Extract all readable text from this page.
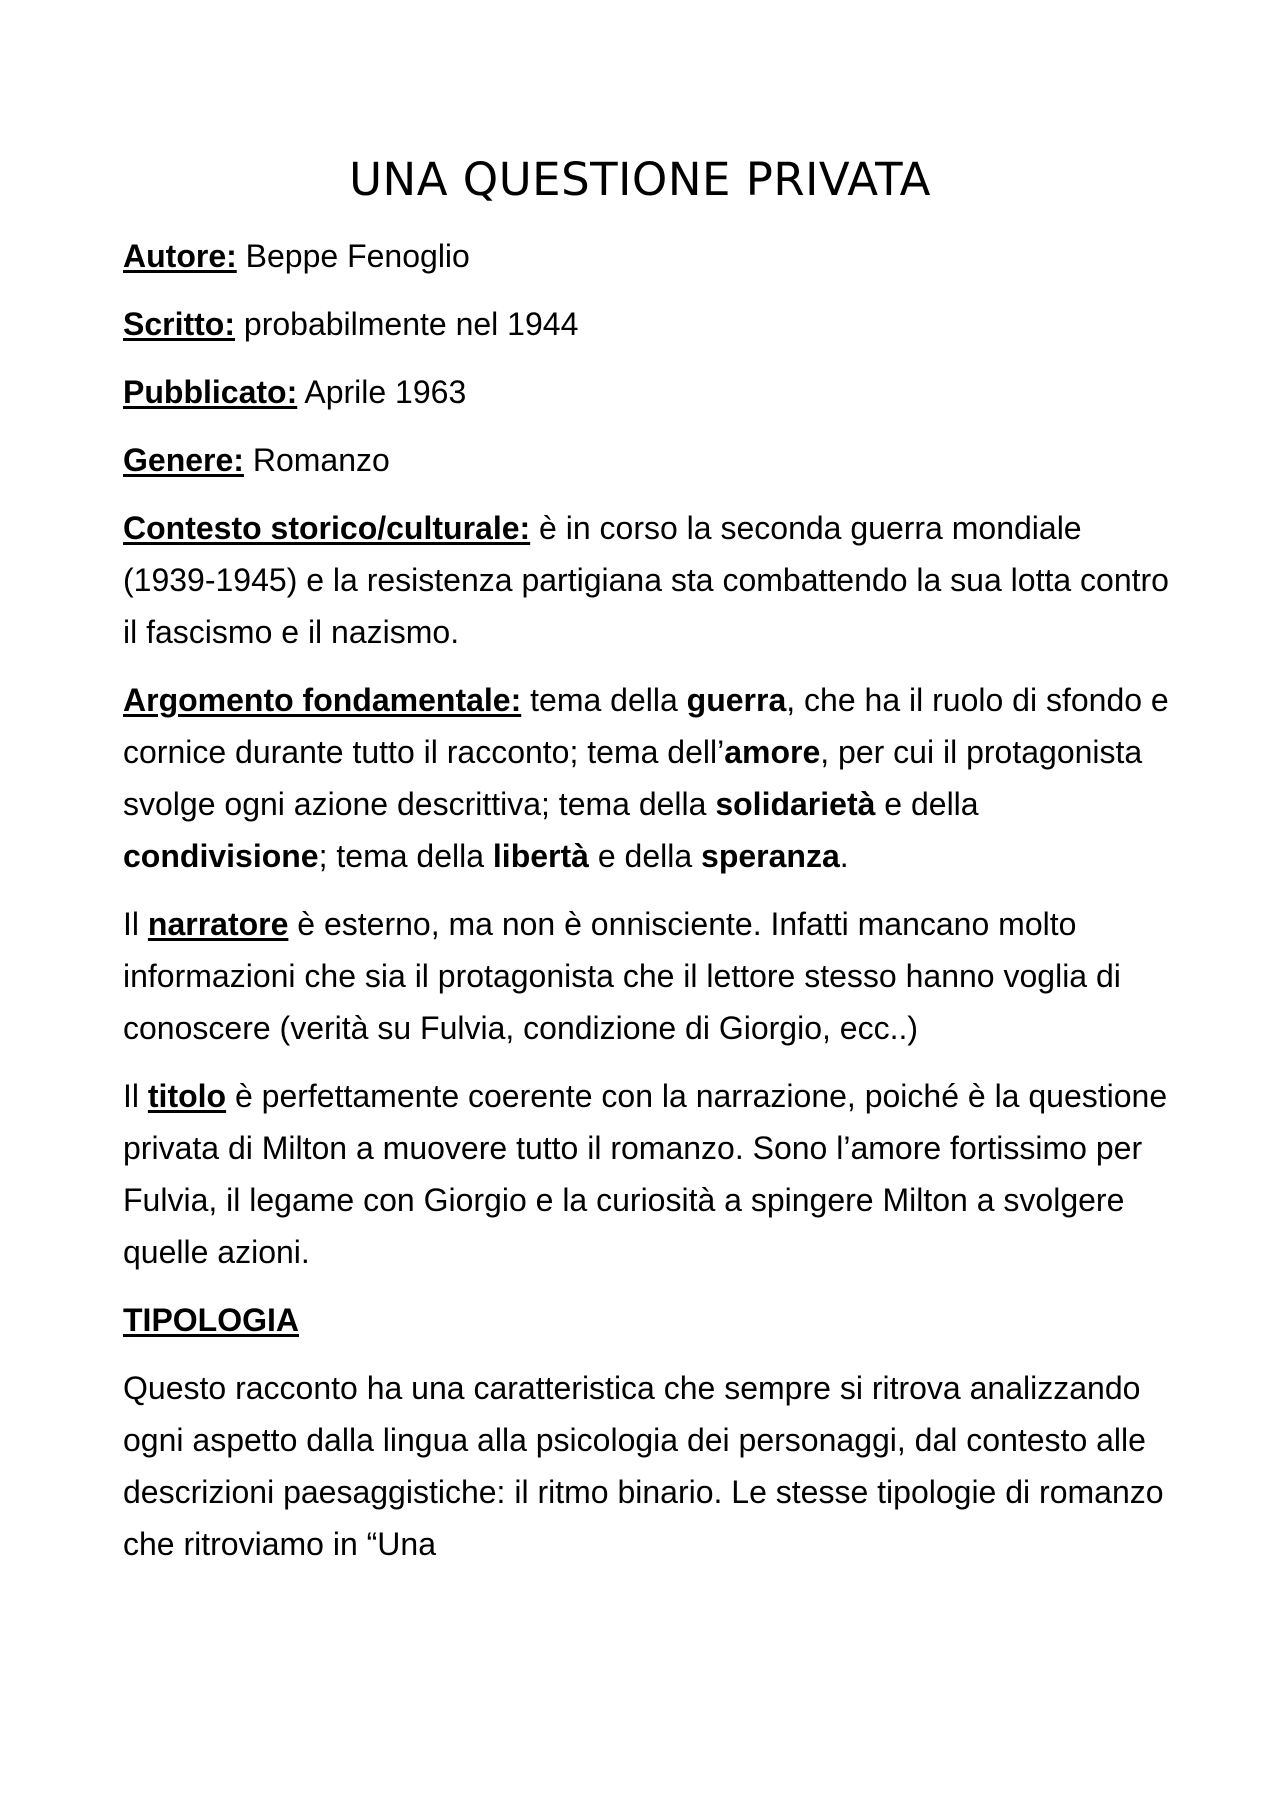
UNA QUESTIONE PRIVATA

Autore: Beppe Fenoglio

Scritto: probabilmente nel 1944

Pubblicato: Aprile 1963

Genere: Romanzo

Contesto storico/culturale: è in corso la seconda guerra mondiale (1939-1945) e la resistenza partigiana sta combattendo la sua lotta contro il fascismo e il nazismo.

Argomento fondamentale: tema della guerra, che ha il ruolo di sfondo e cornice durante tutto il racconto; tema dell’amore, per cui il protagonista svolge ogni azione descrittiva; tema della solidarietà e della condivisione; tema della libertà e della speranza.

Il narratore è esterno, ma non è onnisciente. Infatti mancano molto informazioni che sia il protagonista che il lettore stesso hanno voglia di conoscere (verità su Fulvia, condizione di Giorgio, ecc..)

Il titolo è perfettamente coerente con la narrazione, poiché è la questione privata di Milton a muovere tutto il romanzo. Sono l’amore fortissimo per Fulvia, il legame con Giorgio e la curiosità a spingere Milton a svolgere quelle azioni.

TIPOLOGIA

Questo racconto ha una caratteristica che sempre si ritrova analizzando ogni aspetto dalla lingua alla psicologia dei personaggi, dal contesto alle descrizioni paesaggistiche: il ritmo binario. Le stesse tipologie di romanzo che ritroviamo in “Una
